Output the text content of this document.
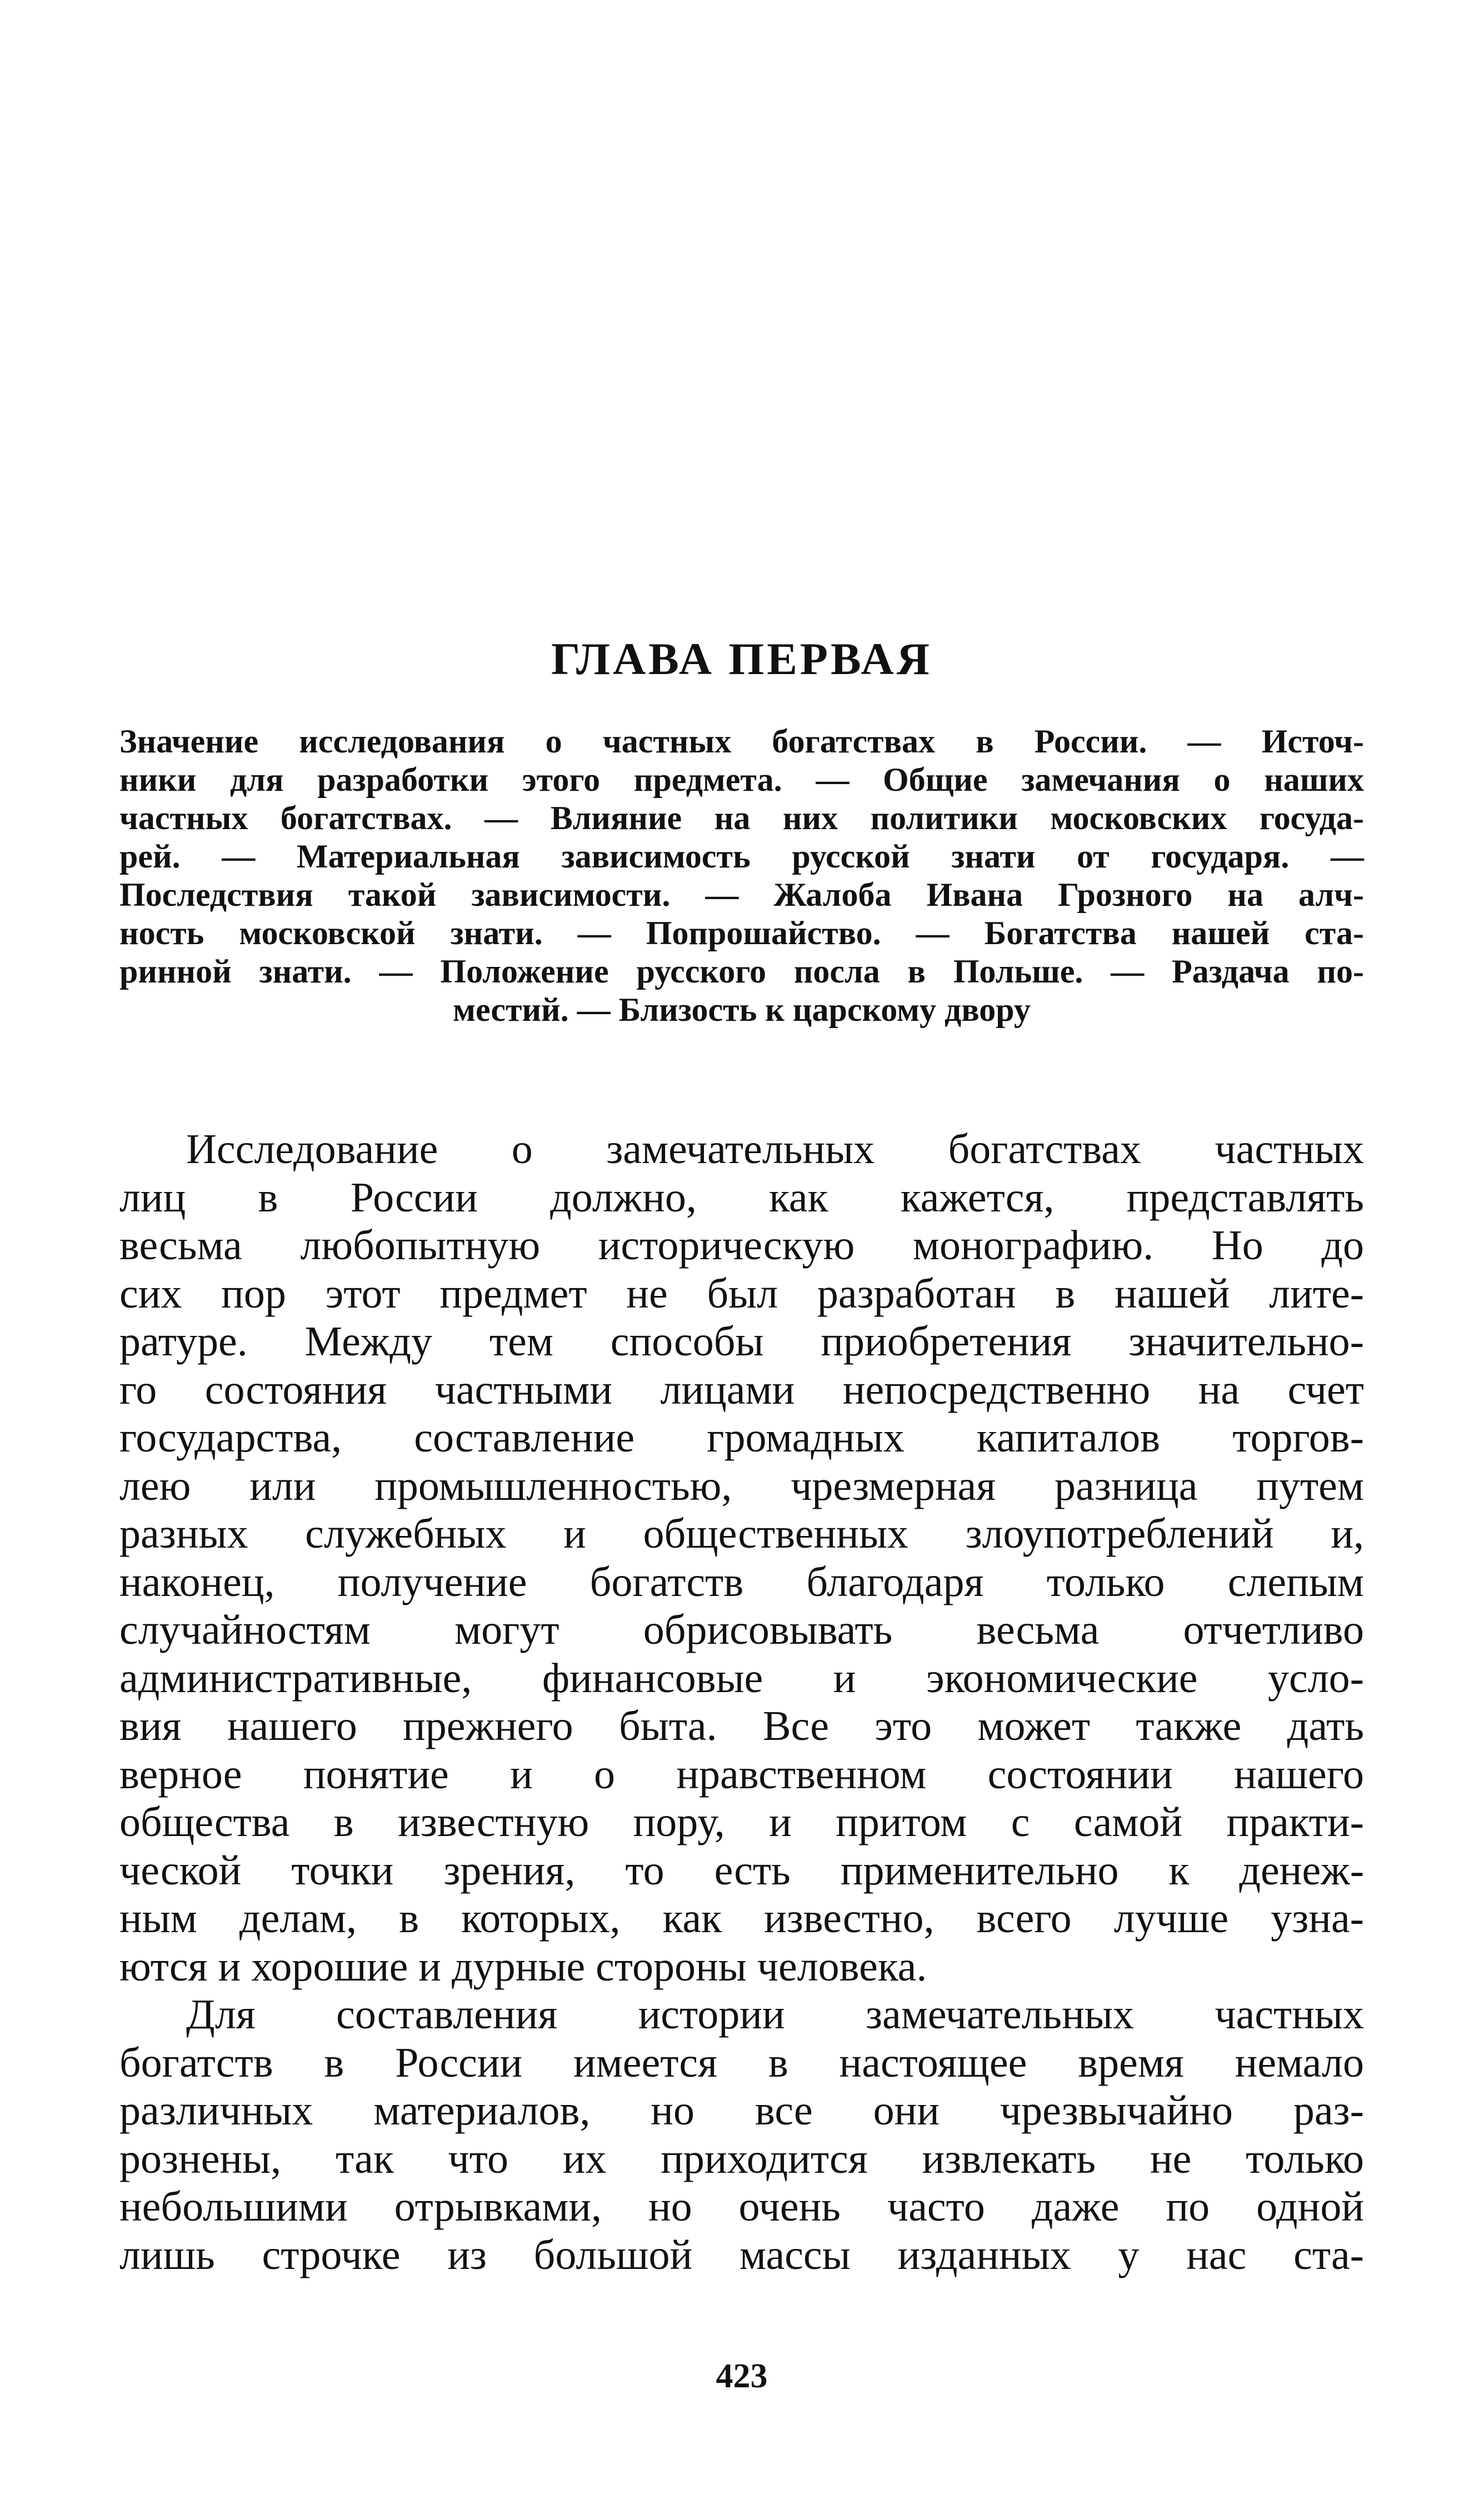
ГЛАВА ПЕРВАЯ
Значение исследования о частных богатствах в России. — Источ-
ники для разработки этого предмета. — Общие замечания о наших
частных богатствах. — Влияние на них политики московских госуда-
рей. — Материальная зависимость русской знати от государя. —
Последствия такой зависимости. — Жалоба Ивана Грозного на алч-
ность московской знати. — Попрошайство. — Богатства нашей ста-
ринной знати. — Положение русского посла в Польше. — Раздача по-
местий. — Близость к царскому двору
Исследование о замечательных богатствах частных
лиц в России должно, как кажется, представлять
весьма любопытную историческую монографию. Но до
сих пор этот предмет не был разработан в нашей лите-
ратуре. Между тем способы приобретения значительно-
го состояния частными лицами непосредственно на счет
государства, составление громадных капиталов торгов-
лею или промышленностью, чрезмерная разница путем
разных служебных и общественных злоупотреблений и,
наконец, получение богатств благодаря только слепым
случайностям могут обрисовывать весьма отчетливо
административные, финансовые и экономические усло-
вия нашего прежнего быта. Все это может также дать
верное понятие и о нравственном состоянии нашего
общества в известную пору, и притом с самой практи-
ческой точки зрения, то есть применительно к денеж-
ным делам, в которых, как известно, всего лучше узна-
ются и хорошие и дурные стороны человека.
Для составления истории замечательных частных
богатств в России имеется в настоящее время немало
различных материалов, но все они чрезвычайно раз-
рознены, так что их приходится извлекать не только
небольшими отрывками, но очень часто даже по одной
лишь строчке из большой массы изданных у нас ста-
423
